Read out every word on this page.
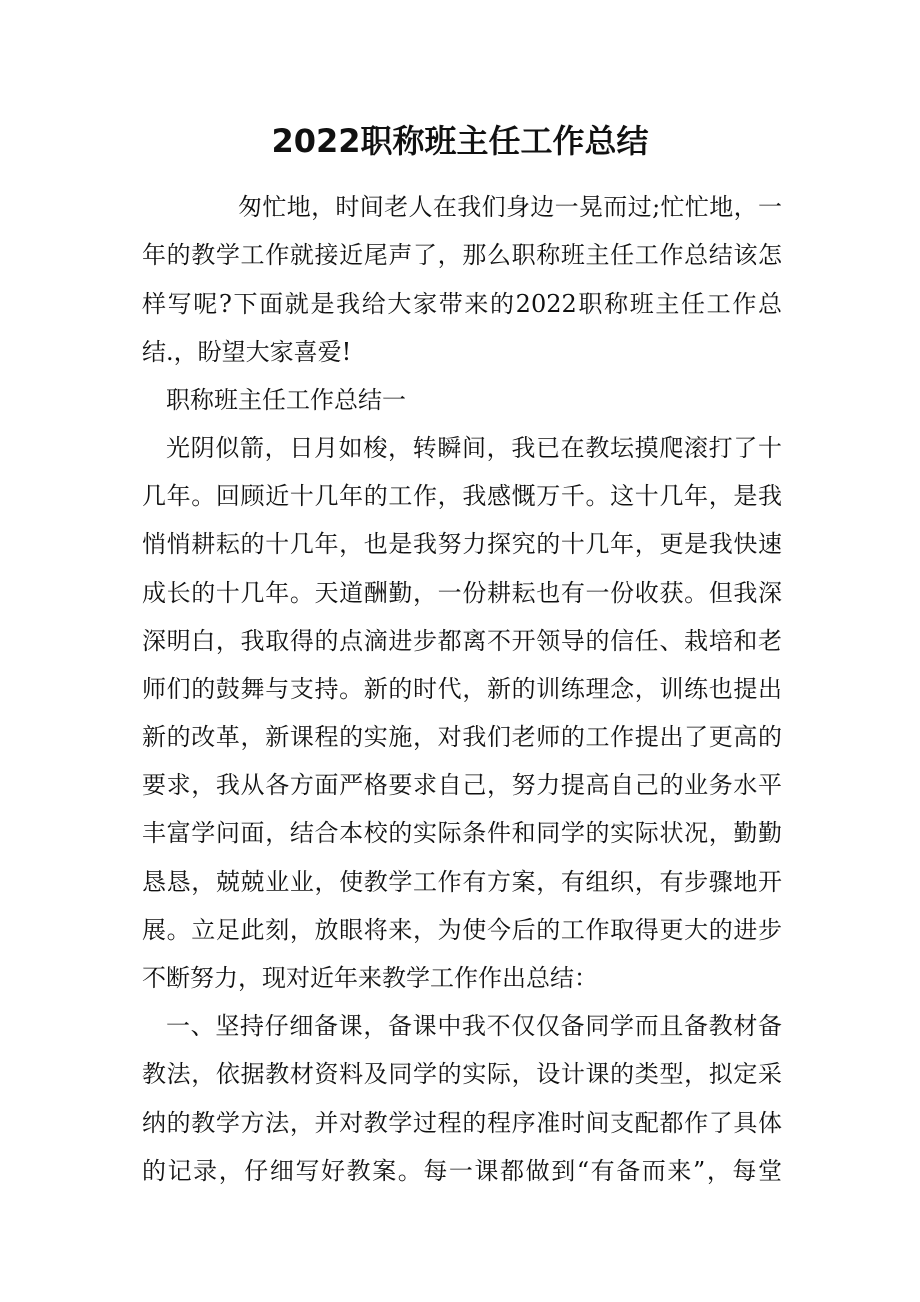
2022职称班主任工作总结

匆忙地，时间老人在我们身边一晃而过;忙忙地，一

年的教学工作就接近尾声了，那么职称班主任工作总结该怎

样写呢?下面就是我给大家带来的2022职称班主任工作总

结.，盼望大家喜爱!

职称班主任工作总结一

光阴似箭，日月如梭，转瞬间，我已在教坛摸爬滚打了十

几年。回顾近十几年的工作，我感慨万千。这十几年，是我

悄悄耕耘的十几年，也是我努力探究的十几年，更是我快速

成长的十几年。天道酬勤，一份耕耘也有一份收获。但我深

深明白，我取得的点滴进步都离不开领导的信任、栽培和老

师们的鼓舞与支持。新的时代，新的训练理念，训练也提出

新的改革，新课程的实施，对我们老师的工作提出了更高的

要求，我从各方面严格要求自己，努力提高自己的业务水平

丰富学问面，结合本校的实际条件和同学的实际状况，勤勤

恳恳，兢兢业业，使教学工作有方案，有组织，有步骤地开

展。立足此刻，放眼将来，为使今后的工作取得更大的进步

不断努力，现对近年来教学工作作出总结：

一、坚持仔细备课，备课中我不仅仅备同学而且备教材备

教法，依据教材资料及同学的实际，设计课的类型，拟定采

纳的教学方法，并对教学过程的程序准时间支配都作了具体

的记录，仔细写好教案。每一课都做到“有备而来”，每堂
